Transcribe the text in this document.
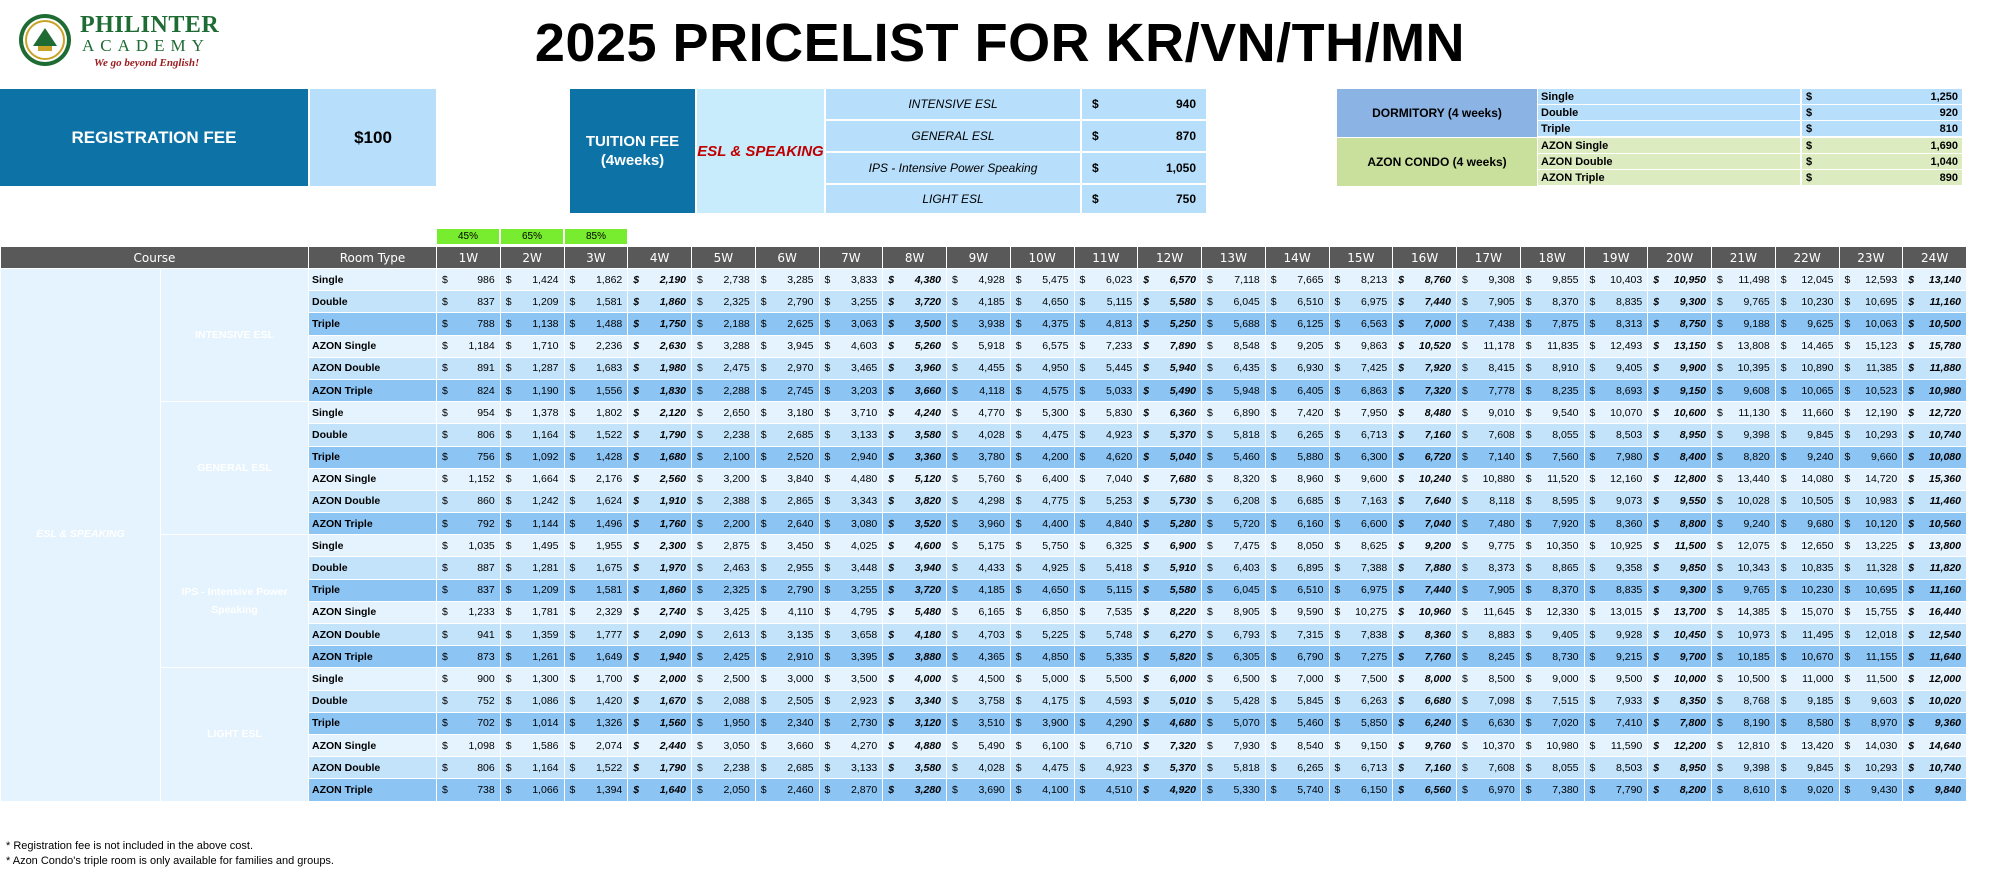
PHILINTER
ACADEMY
We go beyond English!	2025 PRICELIST FOR KR/VN/TH/MN
REGISTRATION FEE	$100	TUITION FEE
(4weeks)
ESL & SPEAKING
INTENSIVE ESL	$	940
GENERAL ESL	$	870
IPS - Intensive Power Speaking	$	1,050
LIGHT ESL	$	750
DORMITORY (4 weeks)
AZON CONDO (4 weeks)
Single	$	1,250
Double	$	920
Triple	$	810
AZON Single	$	1,690
AZON Double	$	1,040
AZON Triple	$	890
45%	65%	85%
Course		Room Type	1W	2W	3W	4W	5W	6W	7W	8W	9W	10W	11W	12W	13W	14W	15W	16W	17W	18W	19W	20W	21W	22W	23W	24W
ESL & SPEAKING	INTENSIVE ESL	Single	$ 986	$ 1,424	$ 1,862	$ 2,190	$ 2,738	$ 3,285	$ 3,833	$ 4,380	$ 4,928	$ 5,475	$ 6,023	$ 6,570	$ 7,118	$ 7,665	$ 8,213	$ 8,760	$ 9,308	$ 9,855	$ 10,403	$ 10,950	$ 11,498	$ 12,045	$ 12,593	$ 13,140

		Double	$ 837	$ 1,209	$ 1,581	$ 1,860	$ 2,325	$ 2,790	$ 3,255	$ 3,720	$ 4,185	$ 4,650	$ 5,115	$ 5,580	$ 6,045	$ 6,510	$ 6,975	$ 7,440	$ 7,905	$ 8,370	$ 8,835	$ 9,300	$ 9,765	$ 10,230	$ 10,695	$ 11,160

		Triple	$ 788	$ 1,138	$ 1,488	$ 1,750	$ 2,188	$ 2,625	$ 3,063	$ 3,500	$ 3,938	$ 4,375	$ 4,813	$ 5,250	$ 5,688	$ 6,125	$ 6,563	$ 7,000	$ 7,438	$ 7,875	$ 8,313	$ 8,750	$ 9,188	$ 9,625	$ 10,063	$ 10,500

		AZON Single	$ 1,184	$ 1,710	$ 2,236	$ 2,630	$ 3,288	$ 3,945	$ 4,603	$ 5,260	$ 5,918	$ 6,575	$ 7,233	$ 7,890	$ 8,548	$ 9,205	$ 9,863	$ 10,520	$ 11,178	$ 11,835	$ 12,493	$ 13,150	$ 13,808	$ 14,465	$ 15,123	$ 15,780

		AZON Double	$ 891	$ 1,287	$ 1,683	$ 1,980	$ 2,475	$ 2,970	$ 3,465	$ 3,960	$ 4,455	$ 4,950	$ 5,445	$ 5,940	$ 6,435	$ 6,930	$ 7,425	$ 7,920	$ 8,415	$ 8,910	$ 9,405	$ 9,900	$ 10,395	$ 10,890	$ 11,385	$ 11,880

		AZON Triple	$ 824	$ 1,190	$ 1,556	$ 1,830	$ 2,288	$ 2,745	$ 3,203	$ 3,660	$ 4,118	$ 4,575	$ 5,033	$ 5,490	$ 5,948	$ 6,405	$ 6,863	$ 7,320	$ 7,778	$ 8,235	$ 8,693	$ 9,150	$ 9,608	$ 10,065	$ 10,523	$ 10,980

	GENERAL ESL	Single	$ 954	$ 1,378	$ 1,802	$ 2,120	$ 2,650	$ 3,180	$ 3,710	$ 4,240	$ 4,770	$ 5,300	$ 5,830	$ 6,360	$ 6,890	$ 7,420	$ 7,950	$ 8,480	$ 9,010	$ 9,540	$ 10,070	$ 10,600	$ 11,130	$ 11,660	$ 12,190	$ 12,720

		Double	$ 806	$ 1,164	$ 1,522	$ 1,790	$ 2,238	$ 2,685	$ 3,133	$ 3,580	$ 4,028	$ 4,475	$ 4,923	$ 5,370	$ 5,818	$ 6,265	$ 6,713	$ 7,160	$ 7,608	$ 8,055	$ 8,503	$ 8,950	$ 9,398	$ 9,845	$ 10,293	$ 10,740

		Triple	$ 756	$ 1,092	$ 1,428	$ 1,680	$ 2,100	$ 2,520	$ 2,940	$ 3,360	$ 3,780	$ 4,200	$ 4,620	$ 5,040	$ 5,460	$ 5,880	$ 6,300	$ 6,720	$ 7,140	$ 7,560	$ 7,980	$ 8,400	$ 8,820	$ 9,240	$ 9,660	$ 10,080

		AZON Single	$ 1,152	$ 1,664	$ 2,176	$ 2,560	$ 3,200	$ 3,840	$ 4,480	$ 5,120	$ 5,760	$ 6,400	$ 7,040	$ 7,680	$ 8,320	$ 8,960	$ 9,600	$ 10,240	$ 10,880	$ 11,520	$ 12,160	$ 12,800	$ 13,440	$ 14,080	$ 14,720	$ 15,360

		AZON Double	$ 860	$ 1,242	$ 1,624	$ 1,910	$ 2,388	$ 2,865	$ 3,343	$ 3,820	$ 4,298	$ 4,775	$ 5,253	$ 5,730	$ 6,208	$ 6,685	$ 7,163	$ 7,640	$ 8,118	$ 8,595	$ 9,073	$ 9,550	$ 10,028	$ 10,505	$ 10,983	$ 11,460

		AZON Triple	$ 792	$ 1,144	$ 1,496	$ 1,760	$ 2,200	$ 2,640	$ 3,080	$ 3,520	$ 3,960	$ 4,400	$ 4,840	$ 5,280	$ 5,720	$ 6,160	$ 6,600	$ 7,040	$ 7,480	$ 7,920	$ 8,360	$ 8,800	$ 9,240	$ 9,680	$ 10,120	$ 10,560

	IPS - Intensive Power Speaking	Single	$ 1,035	$ 1,495	$ 1,955	$ 2,300	$ 2,875	$ 3,450	$ 4,025	$ 4,600	$ 5,175	$ 5,750	$ 6,325	$ 6,900	$ 7,475	$ 8,050	$ 8,625	$ 9,200	$ 9,775	$ 10,350	$ 10,925	$ 11,500	$ 12,075	$ 12,650	$ 13,225	$ 13,800

		Double	$ 887	$ 1,281	$ 1,675	$ 1,970	$ 2,463	$ 2,955	$ 3,448	$ 3,940	$ 4,433	$ 4,925	$ 5,418	$ 5,910	$ 6,403	$ 6,895	$ 7,388	$ 7,880	$ 8,373	$ 8,865	$ 9,358	$ 9,850	$ 10,343	$ 10,835	$ 11,328	$ 11,820

		Triple	$ 837	$ 1,209	$ 1,581	$ 1,860	$ 2,325	$ 2,790	$ 3,255	$ 3,720	$ 4,185	$ 4,650	$ 5,115	$ 5,580	$ 6,045	$ 6,510	$ 6,975	$ 7,440	$ 7,905	$ 8,370	$ 8,835	$ 9,300	$ 9,765	$ 10,230	$ 10,695	$ 11,160

		AZON Single	$ 1,233	$ 1,781	$ 2,329	$ 2,740	$ 3,425	$ 4,110	$ 4,795	$ 5,480	$ 6,165	$ 6,850	$ 7,535	$ 8,220	$ 8,905	$ 9,590	$ 10,275	$ 10,960	$ 11,645	$ 12,330	$ 13,015	$ 13,700	$ 14,385	$ 15,070	$ 15,755	$ 16,440

		AZON Double	$ 941	$ 1,359	$ 1,777	$ 2,090	$ 2,613	$ 3,135	$ 3,658	$ 4,180	$ 4,703	$ 5,225	$ 5,748	$ 6,270	$ 6,793	$ 7,315	$ 7,838	$ 8,360	$ 8,883	$ 9,405	$ 9,928	$ 10,450	$ 10,973	$ 11,495	$ 12,018	$ 12,540

		AZON Triple	$ 873	$ 1,261	$ 1,649	$ 1,940	$ 2,425	$ 2,910	$ 3,395	$ 3,880	$ 4,365	$ 4,850	$ 5,335	$ 5,820	$ 6,305	$ 6,790	$ 7,275	$ 7,760	$ 8,245	$ 8,730	$ 9,215	$ 9,700	$ 10,185	$ 10,670	$ 11,155	$ 11,640

	LIGHT ESL	Single	$ 900	$ 1,300	$ 1,700	$ 2,000	$ 2,500	$ 3,000	$ 3,500	$ 4,000	$ 4,500	$ 5,000	$ 5,500	$ 6,000	$ 6,500	$ 7,000	$ 7,500	$ 8,000	$ 8,500	$ 9,000	$ 9,500	$ 10,000	$ 10,500	$ 11,000	$ 11,500	$ 12,000

		Double	$ 752	$ 1,086	$ 1,420	$ 1,670	$ 2,088	$ 2,505	$ 2,923	$ 3,340	$ 3,758	$ 4,175	$ 4,593	$ 5,010	$ 5,428	$ 5,845	$ 6,263	$ 6,680	$ 7,098	$ 7,515	$ 7,933	$ 8,350	$ 8,768	$ 9,185	$ 9,603	$ 10,020

		Triple	$ 702	$ 1,014	$ 1,326	$ 1,560	$ 1,950	$ 2,340	$ 2,730	$ 3,120	$ 3,510	$ 3,900	$ 4,290	$ 4,680	$ 5,070	$ 5,460	$ 5,850	$ 6,240	$ 6,630	$ 7,020	$ 7,410	$ 7,800	$ 8,190	$ 8,580	$ 8,970	$ 9,360

		AZON Single	$ 1,098	$ 1,586	$ 2,074	$ 2,440	$ 3,050	$ 3,660	$ 4,270	$ 4,880	$ 5,490	$ 6,100	$ 6,710	$ 7,320	$ 7,930	$ 8,540	$ 9,150	$ 9,760	$ 10,370	$ 10,980	$ 11,590	$ 12,200	$ 12,810	$ 13,420	$ 14,030	$ 14,640

		AZON Double	$ 806	$ 1,164	$ 1,522	$ 1,790	$ 2,238	$ 2,685	$ 3,133	$ 3,580	$ 4,028	$ 4,475	$ 4,923	$ 5,370	$ 5,818	$ 6,265	$ 6,713	$ 7,160	$ 7,608	$ 8,055	$ 8,503	$ 8,950	$ 9,398	$ 9,845	$ 10,293	$ 10,740

		AZON Triple	$ 738	$ 1,066	$ 1,394	$ 1,640	$ 2,050	$ 2,460	$ 2,870	$ 3,280	$ 3,690	$ 4,100	$ 4,510	$ 4,920	$ 5,330	$ 5,740	$ 6,150	$ 6,560	$ 6,970	$ 7,380	$ 7,790	$ 8,200	$ 8,610	$ 9,020	$ 9,430	$ 9,840
* Registration fee is not included in the above cost.
* Azon Condo's triple room is only available for families and groups.
